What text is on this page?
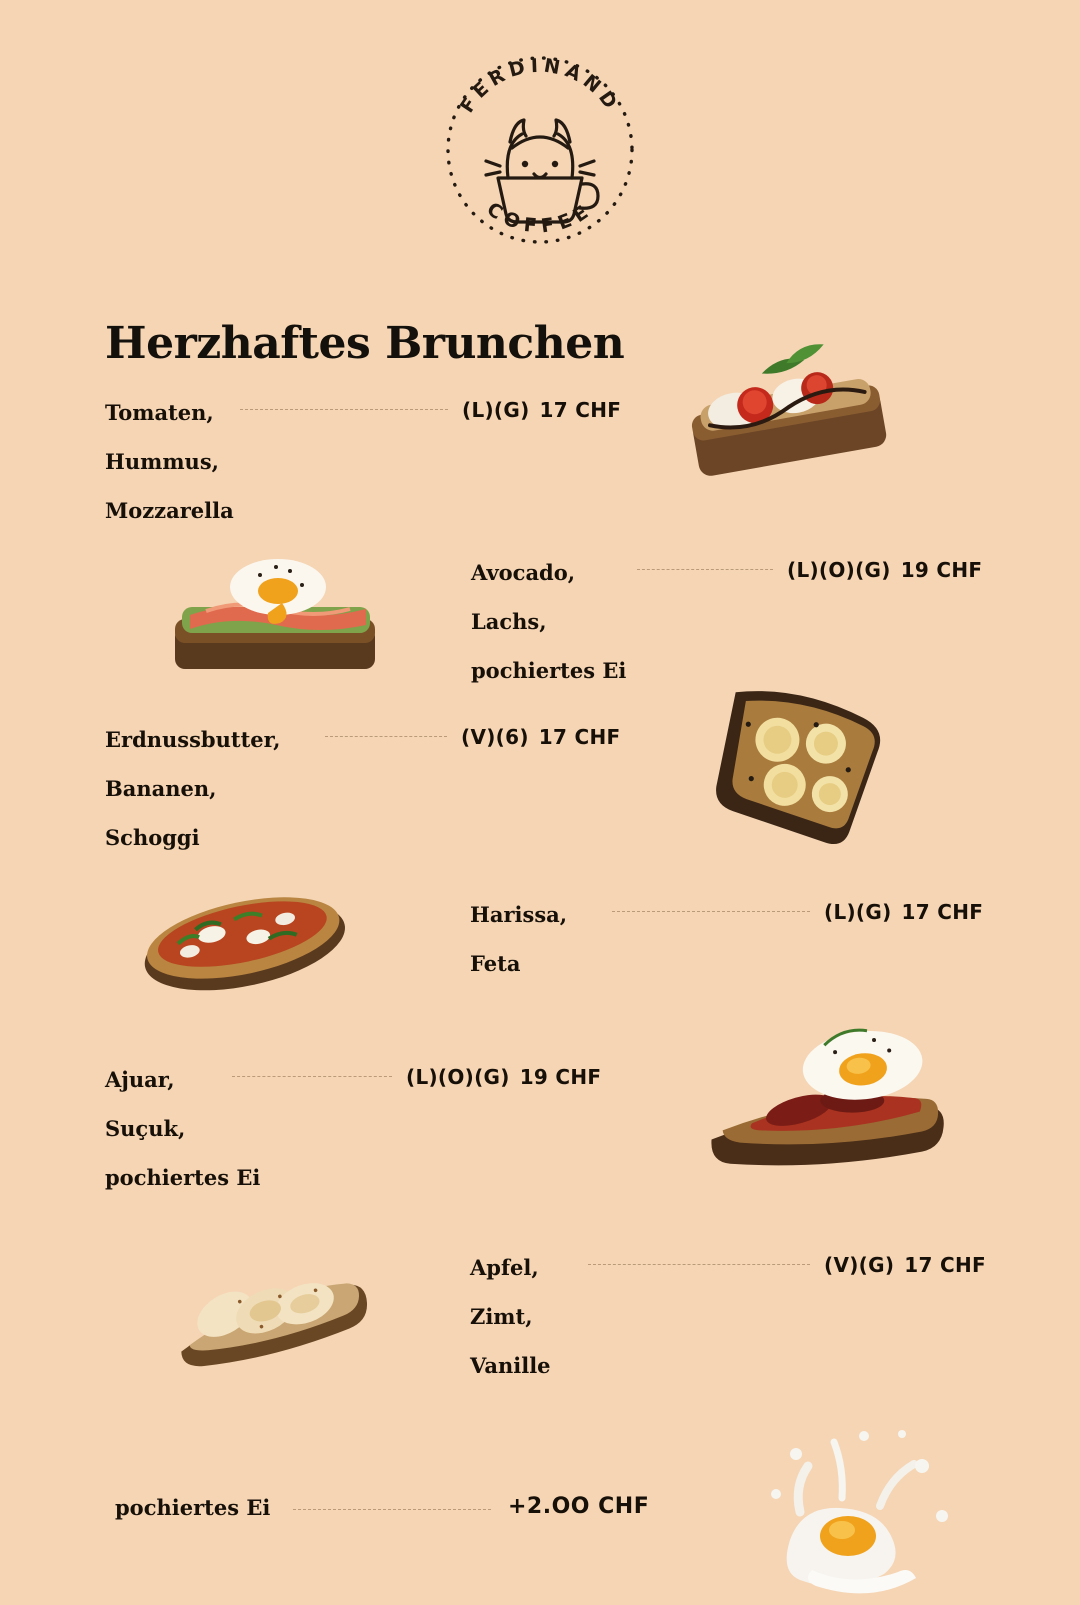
FERDINAND
COFFEE
Herzhaftes Brunchen
Tomaten,
Hummus,
Mozzarella
(L)(G) 17 CHF
Avocado,
Lachs,
pochiertes Ei
(L)(O)(G) 19 CHF
Erdnussbutter,
Bananen,
Schoggi
(V)(6) 17 CHF
Harissa,
Feta
(L)(G) 17 CHF
Ajuar,
Suçuk,
pochiertes Ei
(L)(O)(G) 19 CHF
Apfel,
Zimt,
Vanille
(V)(G) 17 CHF
pochiertes Ei	+2.OO CHF
